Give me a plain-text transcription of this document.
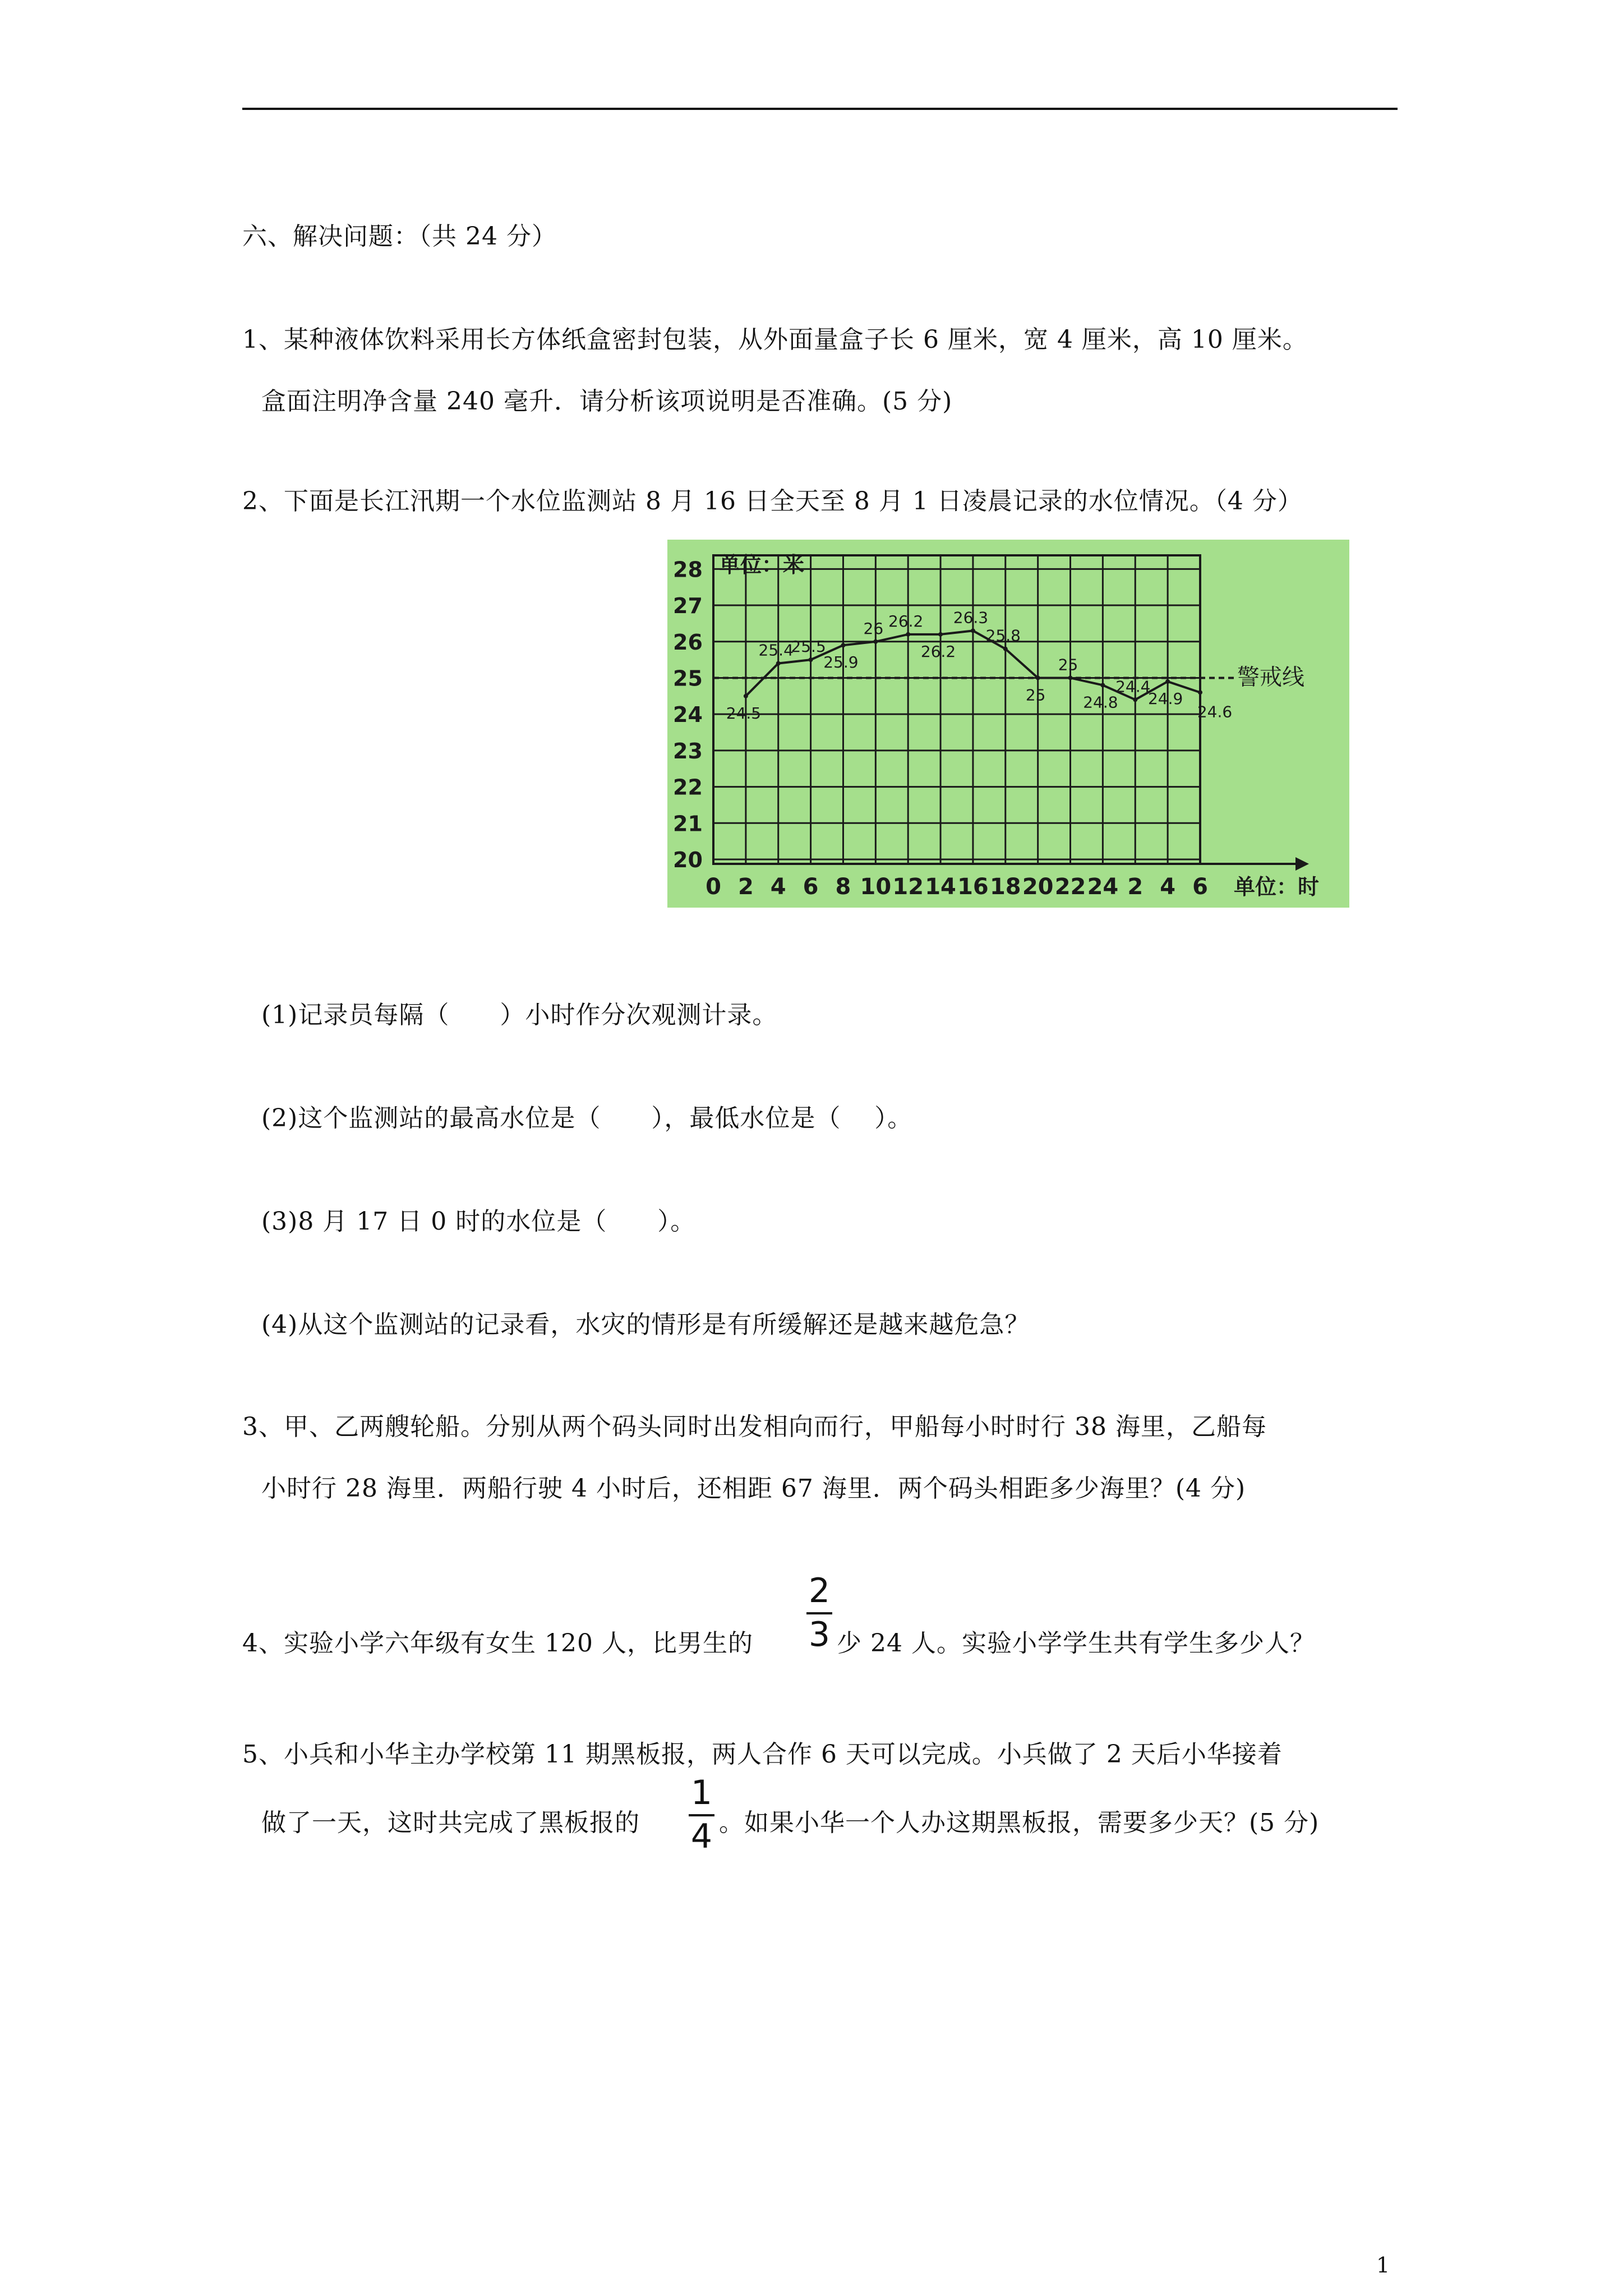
六、解决问题：（共 24 分）
1、某种液体饮料采用长方体纸盒密封包装，从外面量盒子长 6 厘米，宽 4 厘米，高 10 厘米。
盒面注明净含量 240 毫升．请分析该项说明是否准确。(5 分)
2、下面是长江汛期一个水位监测站 8 月 16 日全天至 8 月 1 日凌晨记录的水位情况。（4 分）
警戒线
20
21
22
23
24
25
26
27
28
0 2 4 6 8 10 12 14 16 18 20 22 24 2 4 6
单位：米
单位：时
24.5
25.4
25.5
25.9
26 26.2
26.2
26.3
25.8
25
25
24.8
24.4
24.9
24.6
(1)记录员每隔（　　）小时作分次观测计录。
(2)这个监测站的最高水位是（　　），最低水位是（　 ）。
(3)8 月 17 日 0 时的水位是（　　）。
(4)从这个监测站的记录看，水灾的情形是有所缓解还是越来越危急？
3、甲、乙两艘轮船。分别从两个码头同时出发相向而行，甲船每小时时行 38 海里，乙船每
小时行 28 海里．两船行驶 4 小时后，还相距 67 海里．两个码头相距多少海里？(4 分)
4、实验小学六年级有女生 120 人，比男生的
2
3 少 24 人。实验小学学生共有学生多少人？
5、小兵和小华主办学校第 11 期黑板报，两人合作 6 天可以完成。小兵做了 2 天后小华接着
做了一天，这时共完成了黑板报的
1
4 。如果小华一个人办这期黑板报，需要多少天？(5 分)
1
